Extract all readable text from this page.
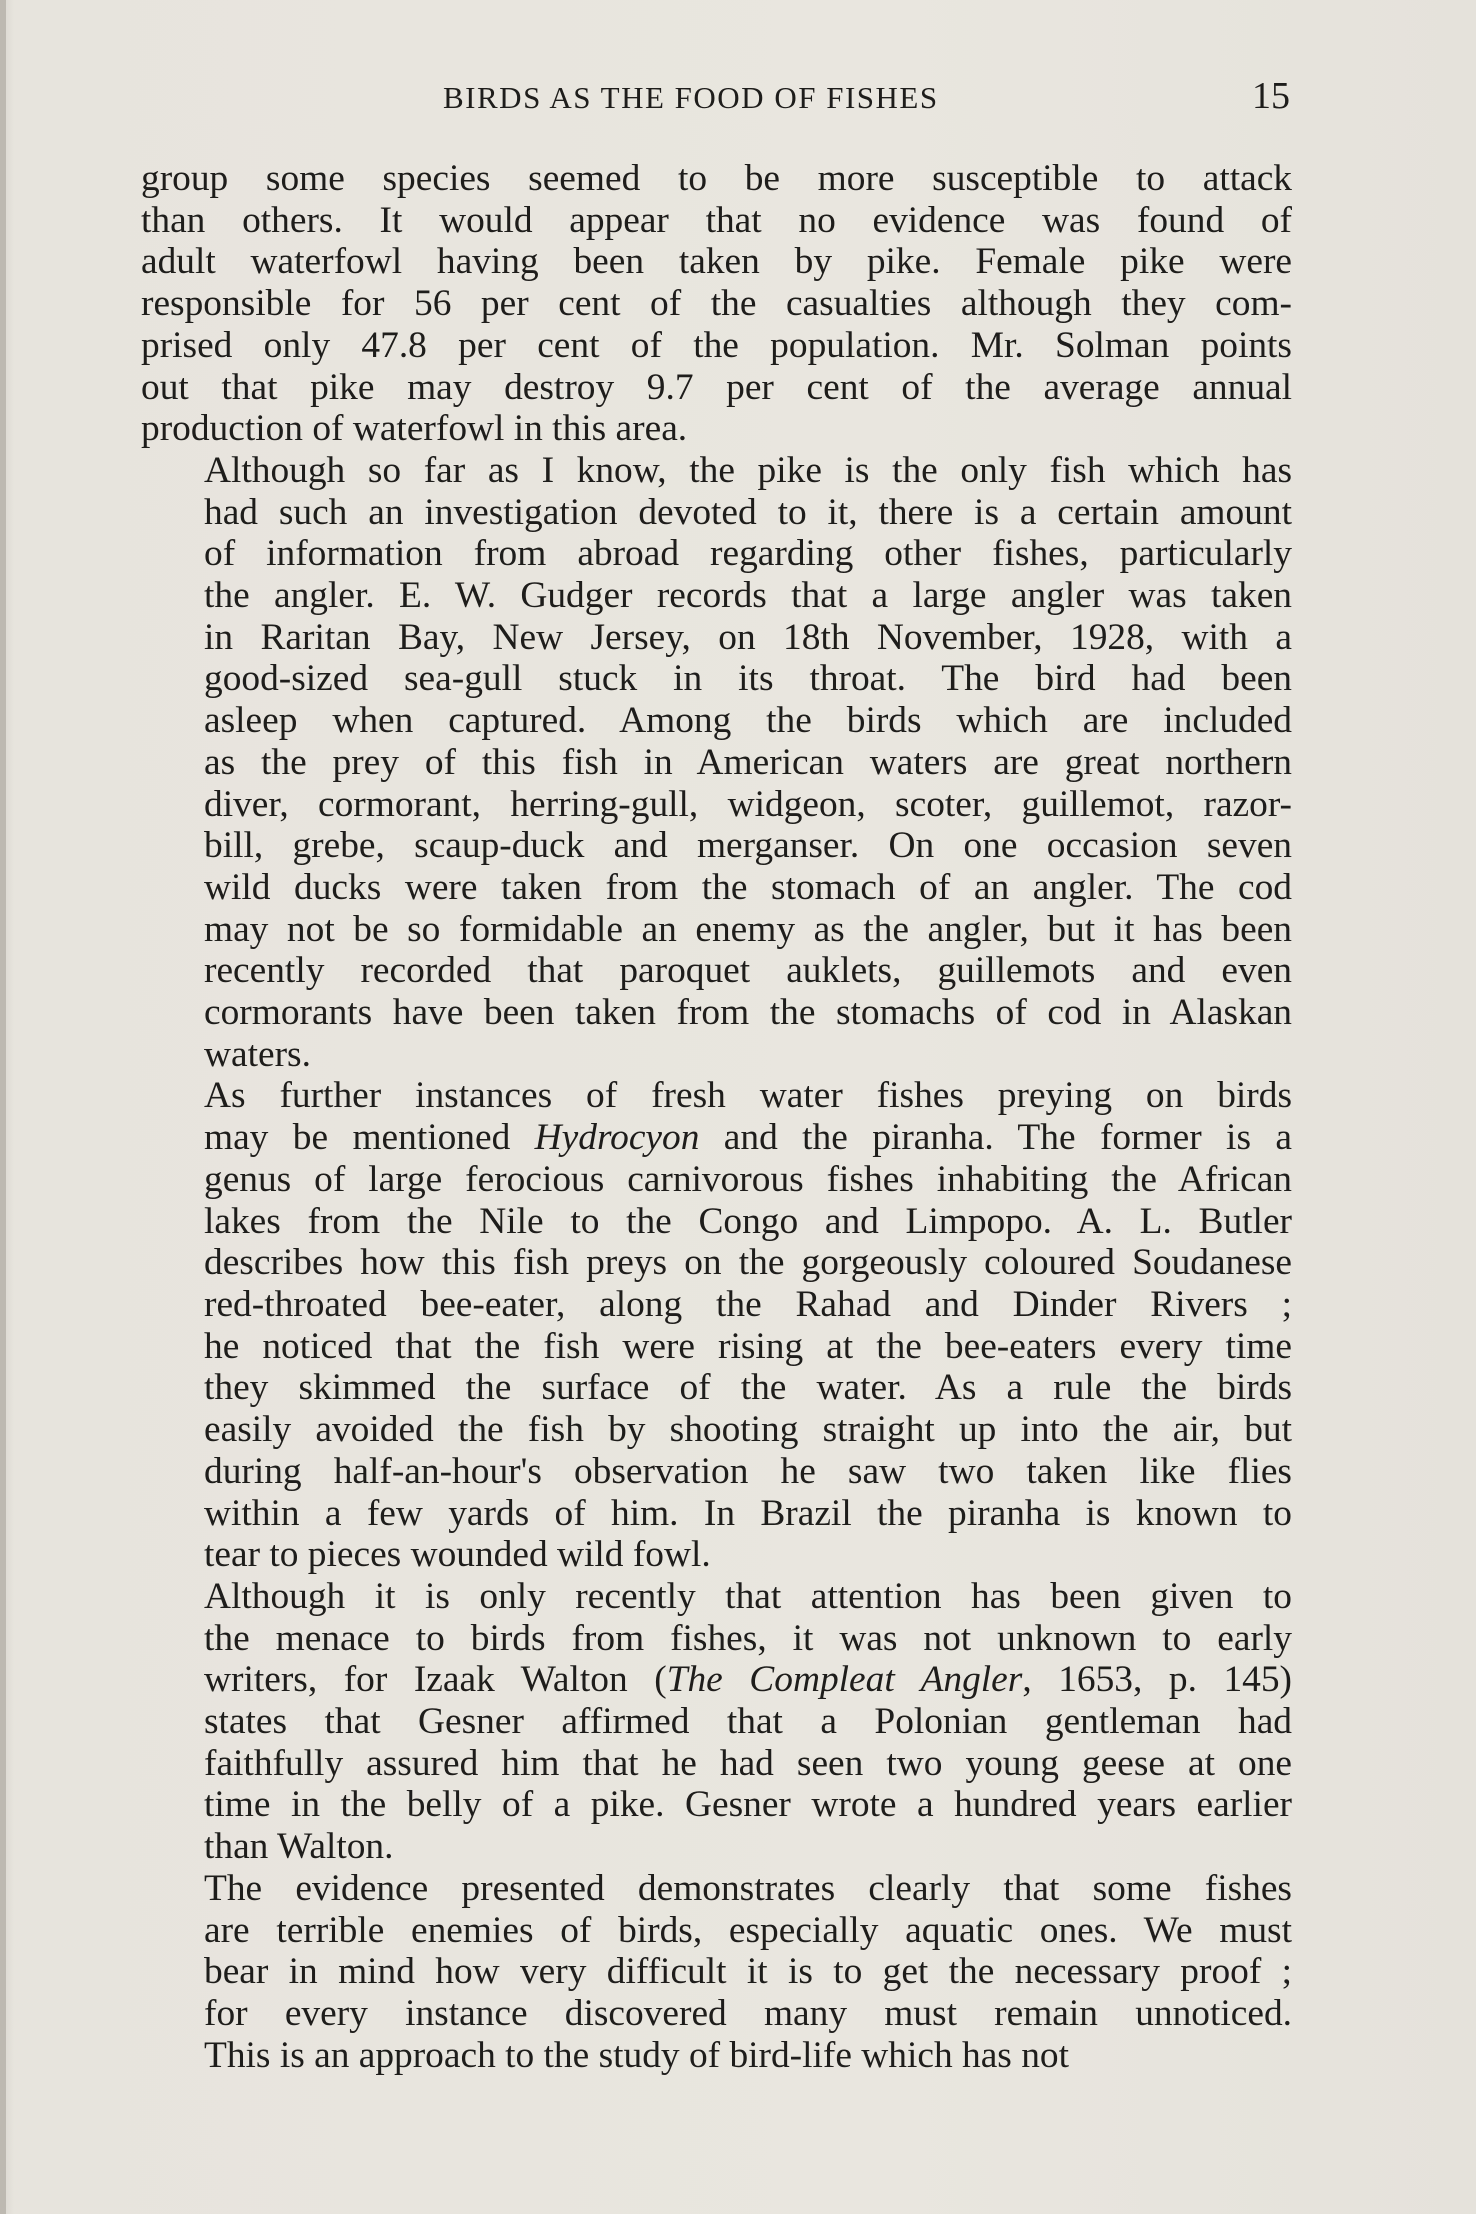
BIRDS AS THE FOOD OF FISHES	15
group some species seemed to be more susceptible to attack
than others. It would appear that no evidence was found of
adult waterfowl having been taken by pike. Female pike were
responsible for 56 per cent of the casualties although they com-
prised only 47.8 per cent of the population. Mr. Solman points
out that pike may destroy 9.7 per cent of the average annual
production of waterfowl in this area.
Although so far as I know, the pike is the only fish which has
had such an investigation devoted to it, there is a certain amount
of information from abroad regarding other fishes, particularly
the angler. E. W. Gudger records that a large angler was taken
in Raritan Bay, New Jersey, on 18th November, 1928, with a
good-sized sea-gull stuck in its throat. The bird had been
asleep when captured. Among the birds which are included
as the prey of this fish in American waters are great northern
diver, cormorant, herring-gull, widgeon, scoter, guillemot, razor-
bill, grebe, scaup-duck and merganser. On one occasion seven
wild ducks were taken from the stomach of an angler. The cod
may not be so formidable an enemy as the angler, but it has been
recently recorded that paroquet auklets, guillemots and even
cormorants have been taken from the stomachs of cod in Alaskan
waters.
As further instances of fresh water fishes preying on birds
may be mentioned Hydrocyon and the piranha. The former is a
genus of large ferocious carnivorous fishes inhabiting the African
lakes from the Nile to the Congo and Limpopo. A. L. Butler
describes how this fish preys on the gorgeously coloured Soudanese
red-throated bee-eater, along the Rahad and Dinder Rivers ;
he noticed that the fish were rising at the bee-eaters every time
they skimmed the surface of the water. As a rule the birds
easily avoided the fish by shooting straight up into the air, but
during half-an-hour's observation he saw two taken like flies
within a few yards of him. In Brazil the piranha is known to
tear to pieces wounded wild fowl.
Although it is only recently that attention has been given to
the menace to birds from fishes, it was not unknown to early
writers, for Izaak Walton (The Compleat Angler, 1653, p. 145)
states that Gesner affirmed that a Polonian gentleman had
faithfully assured him that he had seen two young geese at one
time in the belly of a pike. Gesner wrote a hundred years earlier
than Walton.
The evidence presented demonstrates clearly that some fishes
are terrible enemies of birds, especially aquatic ones. We must
bear in mind how very difficult it is to get the necessary proof ;
for every instance discovered many must remain unnoticed.
This is an approach to the study of bird-life which has not
